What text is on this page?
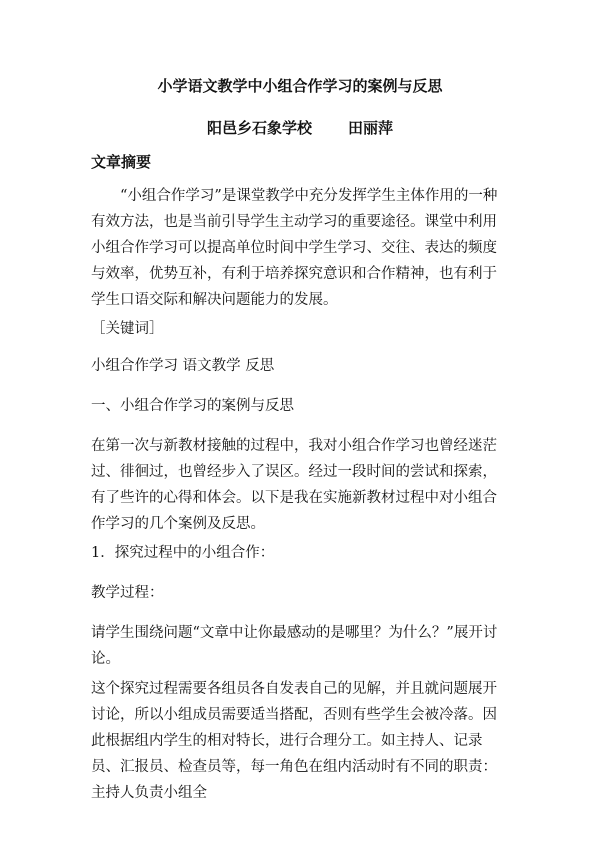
小学语文教学中小组合作学习的案例与反思
阳邑乡石象学校 田丽萍
文章摘要
“小组合作学习”是课堂教学中充分发挥学生主体作用的一种有效方法，也是当前引导学生主动学习的重要途径。课堂中利用小组合作学习可以提高单位时间中学生学习、交往、表达的频度与效率，优势互补，有利于培养探究意识和合作精神，也有利于学生口语交际和解决问题能力的发展。
［关键词］
小组合作学习 语文教学 反思
一、小组合作学习的案例与反思
在第一次与新教材接触的过程中，我对小组合作学习也曾经迷茫过、徘徊过，也曾经步入了误区。经过一段时间的尝试和探索，有了些许的心得和体会。以下是我在实施新教材过程中对小组合作学习的几个案例及反思。
1．探究过程中的小组合作：
教学过程：
请学生围绕问题“文章中让你最感动的是哪里？为什么？”展开讨论。
这个探究过程需要各组员各自发表自己的见解，并且就问题展开讨论，所以小组成员需要适当搭配，否则有些学生会被冷落。因此根据组内学生的相对特长，进行合理分工。如主持人、记录员、汇报员、检查员等，每一角色在组内活动时有不同的职责：主持人负责小组全
